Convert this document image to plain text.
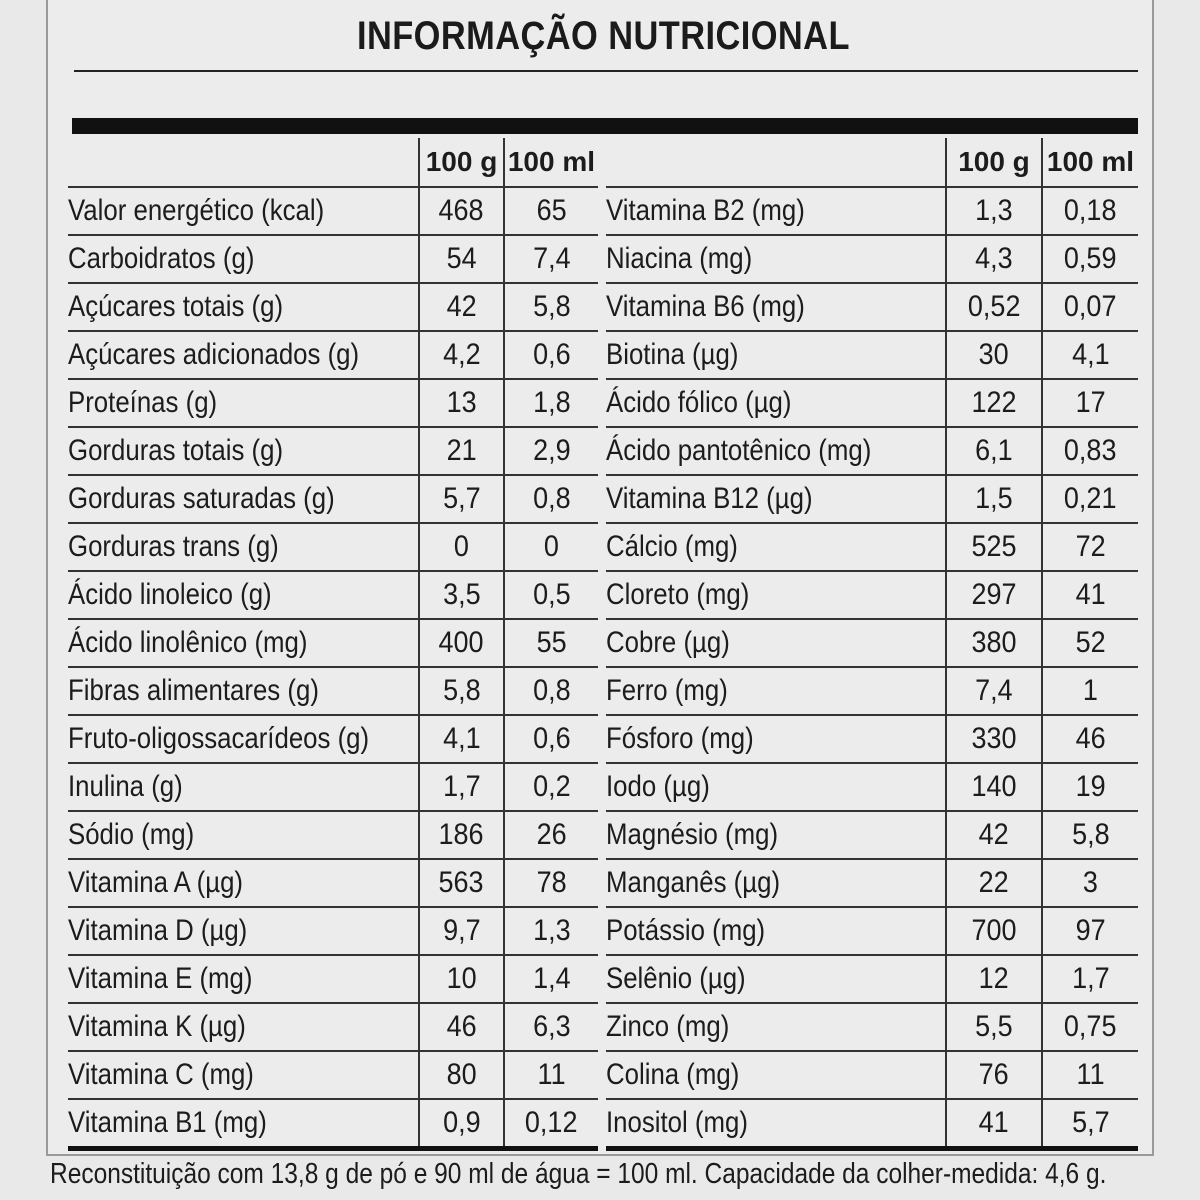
INFORMAÇÃO NUTRICIONAL
	100 g	100 ml
Valor energético (kcal)	468	65
Carboidratos (g)	54	7,4
Açúcares totais (g)	42	5,8
Açúcares adicionados (g)	4,2	0,6
Proteínas (g)	13	1,8
Gorduras totais (g)	21	2,9
Gorduras saturadas (g)	5,7	0,8
Gorduras trans (g)	0	0
Ácido linoleico (g)	3,5	0,5
Ácido linolênico (mg)	400	55
Fibras alimentares (g)	5,8	0,8
Fruto-oligossacarídeos (g)	4,1	0,6
Inulina (g)	1,7	0,2
Sódio (mg)	186	26
Vitamina A (µg)	563	78
Vitamina D (µg)	9,7	1,3
Vitamina E (mg)	10	1,4
Vitamina K (µg)	46	6,3
Vitamina C (mg)	80	11
Vitamina B1 (mg)	0,9	0,12
	100 g	100 ml
Vitamina B2 (mg)	1,3	0,18
Niacina (mg)	4,3	0,59
Vitamina B6 (mg)	0,52	0,07
Biotina (µg)	30	4,1
Ácido fólico (µg)	122	17
Ácido pantotênico (mg)	6,1	0,83
Vitamina B12 (µg)	1,5	0,21
Cálcio (mg)	525	72
Cloreto (mg)	297	41
Cobre (µg)	380	52
Ferro (mg)	7,4	1
Fósforo (mg)	330	46
Iodo (µg)	140	19
Magnésio (mg)	42	5,8
Manganês (µg)	22	3
Potássio (mg)	700	97
Selênio (µg)	12	1,7
Zinco (mg)	5,5	0,75
Colina (mg)	76	11
Inositol (mg)	41	5,7
Reconstituição com 13,8 g de pó e 90 ml de água = 100 ml. Capacidade da colher-medida: 4,6 g.
